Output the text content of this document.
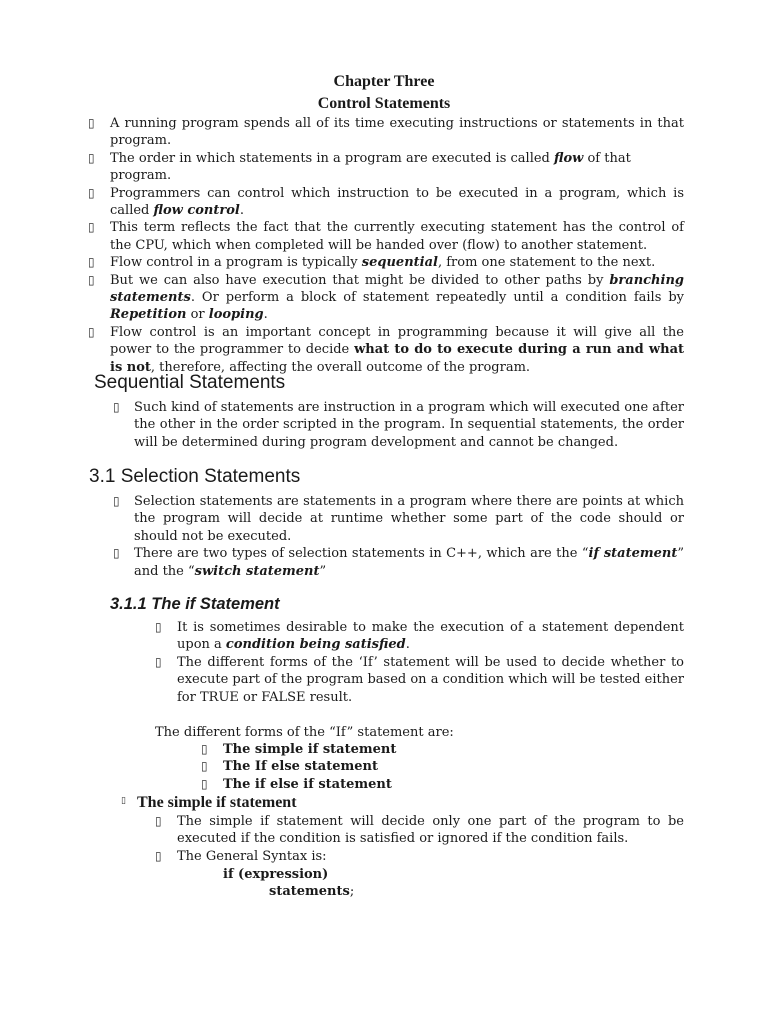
Chapter Three
Control Statements
▯ A running program spends all of its time executing instructions or statements in that program.
▯ The order in which statements in a program are executed is called flow of that program.
▯ Programmers can control which instruction to be executed in a program, which is called flow control.
▯ This term reflects the fact that the currently executing statement has the control of the CPU, which when completed will be handed over (flow) to another statement.
▯ Flow control in a program is typically sequential, from one statement to the next.
▯ But we can also have execution that might be divided to other paths by branching statements. Or perform a block of statement repeatedly until a condition fails by Repetition or looping.
▯ Flow control is an important concept in programming because it will give all the power to the programmer to decide what to do to execute during a run and what is not, therefore, affecting the overall outcome of the program.
Sequential Statements
▯ Such kind of statements are instruction in a program which will executed one after the other in the order scripted in the program. In sequential statements, the order will be determined during program development and cannot be changed.
3.1 Selection Statements
▯ Selection statements are statements in a program where there are points at which the program will decide at runtime whether some part of the code should or should not be executed.
▯ There are two types of selection statements in C++, which are the “if statement” and the “switch statement”
3.1.1 The if Statement
▯ It is sometimes desirable to make the execution of a statement dependent upon a condition being satisfied.
▯ The different forms of the ‘If’ statement will be used to decide whether to execute part of the program based on a condition which will be tested either for TRUE or FALSE result.
The different forms of the “If” statement are:
▯ The simple if statement
▯ The If else statement
▯ The if else if statement
▯ The simple if statement
▯ The simple if statement will decide only one part of the program to be executed if the condition is satisfied or ignored if the condition fails.
▯ The General Syntax is:
if (expression)
statements;
